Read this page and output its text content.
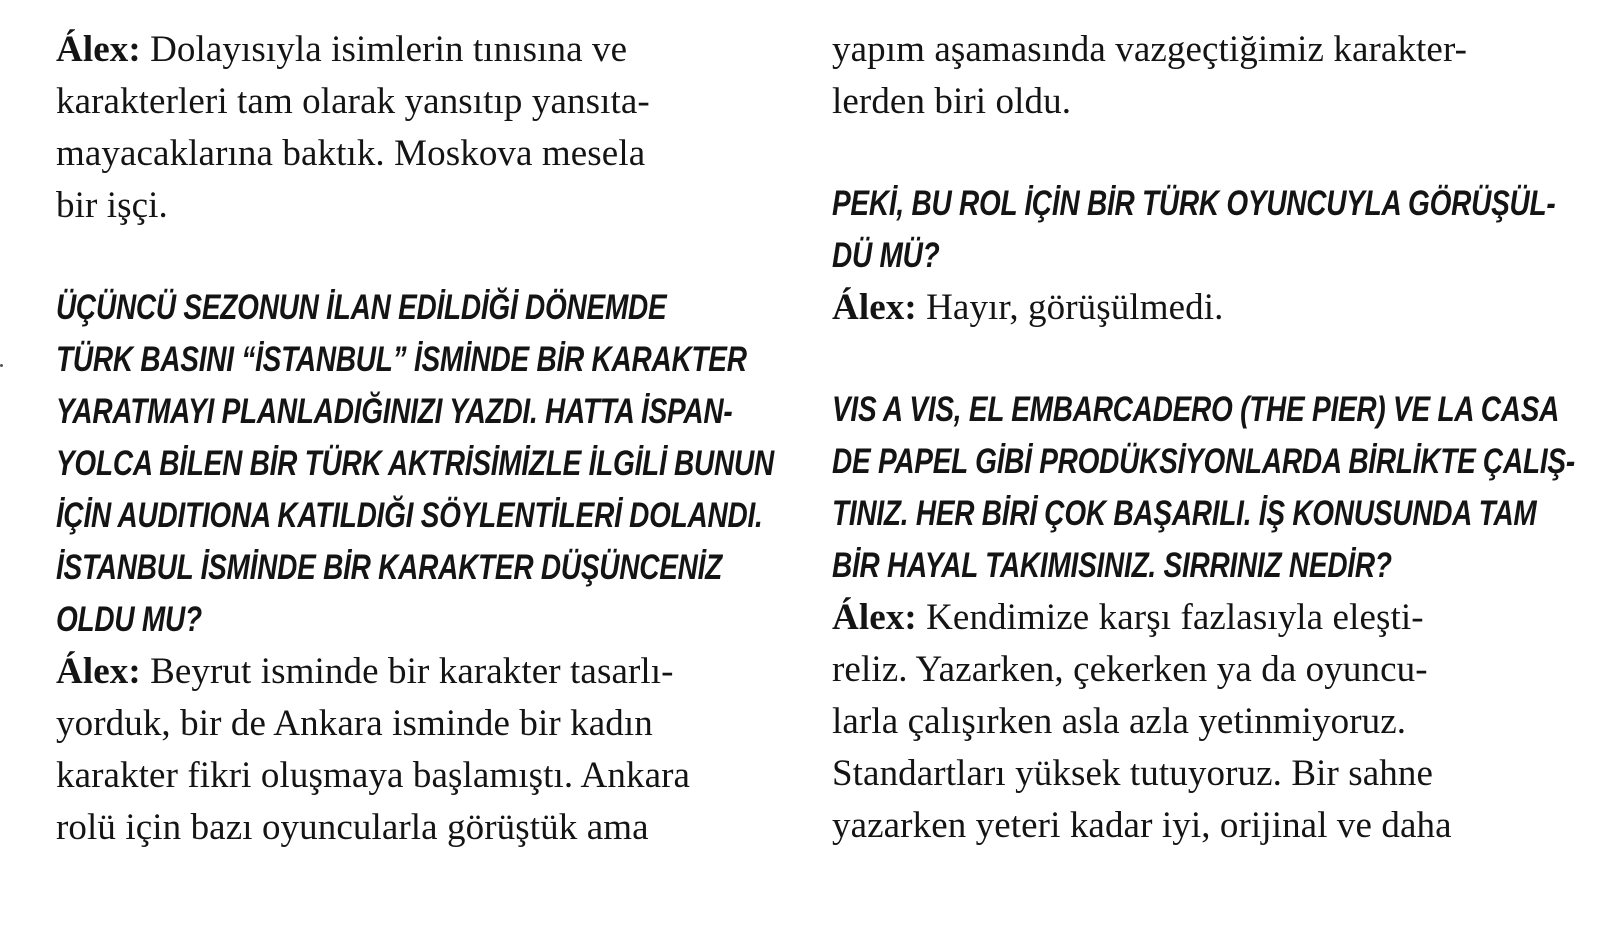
Álex: Dolayısıyla isimlerin tınısına ve
karakterleri tam olarak yansıtıp yansıta-
mayacaklarına baktık. Moskova mesela
bir işçi.
ÜÇÜNCÜ SEZONUN İLAN EDİLDİĞİ DÖNEMDE
TÜRK BASINI “İSTANBUL” İSMİNDE BİR KARAKTER
YARATMAYI PLANLADIĞINIZI YAZDI. HATTA İSPAN-
YOLCA BİLEN BİR TÜRK AKTRİSİMİZLE İLGİLİ BUNUN
İÇİN AUDITIONA KATILDIĞI SÖYLENTİLERİ DOLANDI.
İSTANBUL İSMİNDE BİR KARAKTER DÜŞÜNCENİZ
OLDU MU?
Álex: Beyrut isminde bir karakter tasarlı-
yorduk, bir de Ankara isminde bir kadın
karakter fikri oluşmaya başlamıştı. Ankara
rolü için bazı oyuncularla görüştük ama
yapım aşamasında vazgeçtiğimiz karakter-
lerden biri oldu.
PEKİ, BU ROL İÇİN BİR TÜRK OYUNCUYLA GÖRÜŞÜL-
DÜ MÜ?
Álex: Hayır, görüşülmedi.
VIS A VIS, EL EMBARCADERO (THE PIER) VE LA CASA
DE PAPEL GİBİ PRODÜKSİYONLARDA BİRLİKTE ÇALIŞ-
TINIZ. HER BİRİ ÇOK BAŞARILI. İŞ KONUSUNDA TAM
BİR HAYAL TAKIMISINIZ. SIRRINIZ NEDİR?
Álex: Kendimize karşı fazlasıyla eleşti-
reliz. Yazarken, çekerken ya da oyuncu-
larla çalışırken asla azla yetinmiyoruz.
Standartları yüksek tutuyoruz. Bir sahne
yazarken yeteri kadar iyi, orijinal ve daha
